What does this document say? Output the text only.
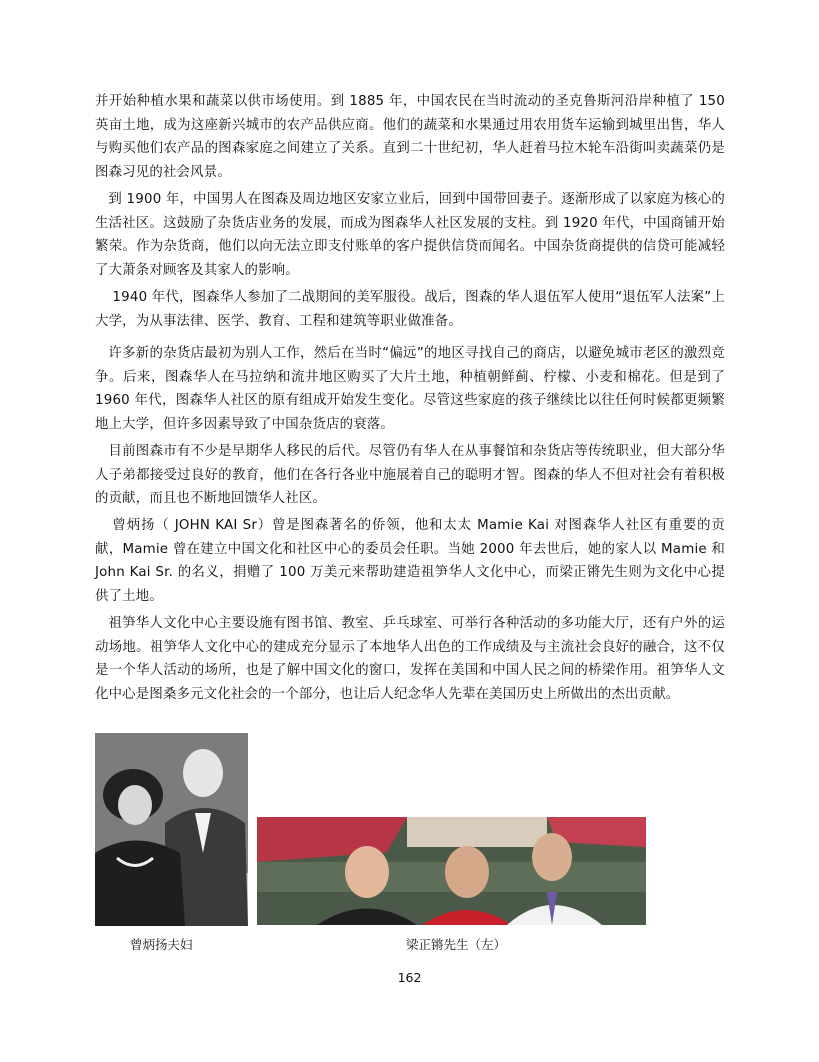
并开始种植水果和蔬菜以供市场使用。到 1885 年，中国农民在当时流动的圣克鲁斯河沿岸种植了 150 英亩土地，成为这座新兴城市的农产品供应商。他们的蔬菜和水果通过用农用货车运输到城里出售，华人与购买他们农产品的图森家庭之间建立了关系。直到二十世纪初，华人赶着马拉木轮车沿街叫卖蔬菜仍是图森习见的社会风景。

到 1900 年，中国男人在图森及周边地区安家立业后，回到中国带回妻子。逐渐形成了以家庭为核心的生活社区。这鼓励了杂货店业务的发展，而成为图森华人社区发展的支柱。到 1920 年代，中国商铺开始繁荣。作为杂货商，他们以向无法立即支付账单的客户提供信贷而闻名。中国杂货商提供的信贷可能减轻了大萧条对顾客及其家人的影响。

1940 年代，图森华人参加了二战期间的美军服役。战后，图森的华人退伍军人使用“退伍军人法案”上大学，为从事法律、医学、教育、工程和建筑等职业做准备。

许多新的杂货店最初为别人工作，然后在当时“偏远”的地区寻找自己的商店，以避免城市老区的激烈竞争。后来，图森华人在马拉纳和流井地区购买了大片土地，种植朝鲜蓟、柠檬、小麦和棉花。但是到了 1960 年代，图森华人社区的原有组成开始发生变化。尽管这些家庭的孩子继续比以往任何时候都更频繁地上大学，但许多因素导致了中国杂货店的衰落。

目前图森市有不少是早期华人移民的后代。尽管仍有华人在从事餐馆和杂货店等传统职业，但大部分华人子弟都接受过良好的教育，他们在各行各业中施展着自己的聪明才智。图森的华人不但对社会有着积极的贡献，而且也不断地回馈华人社区。

曾炳扬（ JOHN KAI Sr）曾是图森著名的侨领，他和太太 Mamie Kai 对图森华人社区有重要的贡献，Mamie 曾在建立中国文化和社区中心的委员会任职。当她 2000 年去世后，她的家人以 Mamie 和 John Kai Sr. 的名义，捐赠了 100 万美元来帮助建造祖笋华人文化中心，而梁正锵先生则为文化中心提供了土地。

祖笋华人文化中心主要设施有图书馆、教室、乒乓球室、可举行各种活动的多功能大厅，还有户外的运动场地。祖笋华人文化中心的建成充分显示了本地华人出色的工作成绩及与主流社会良好的融合，这不仅是一个华人活动的场所，也是了解中国文化的窗口，发挥在美国和中国人民之间的桥梁作用。祖笋华人文化中心是图桑多元文化社会的一个部分，也让后人纪念华人先辈在美国历史上所做出的杰出贡献。

曾炳扬夫妇	梁正锵先生（左）
162
